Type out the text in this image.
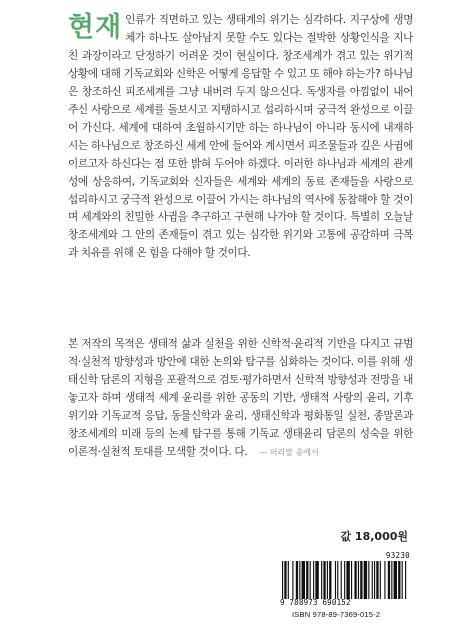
현재 인류가 직면하고 있는 생태계의 위기는 심각하다. 지구상에 생명체가 하나도 살아남지 못할 수도 있다는 절박한 상황인식을 지나친 과장이라고 단정하기 어려운 것이 현실이다. 창조세계가 겪고 있는 위기적 상황에 대해 기독교회와 신학은 어떻게 응답할 수 있고 또 해야 하는가? 하나님은 창조하신 피조세계를 그냥 내버려 두지 않으신다. 독생자를 아낌없이 내어주신 사랑으로 세계를 돌보시고 지탱하시고 섭리하시며 궁극적 완성으로 이끌어 가신다. 세계에 대하여 초월하시기만 하는 하나님이 아니라 동시에 내재하시는 하나님으로 창조하신 세계 안에 들어와 계시면서 피조물들과 깊은 사귐에 이르고자 하신다는 점 또한 밝혀 두어야 하겠다. 이러한 하나님과 세계의 관계성에 상응하여, 기독교회와 신자들은 세계와 세계의 동료 존재들을 사랑으로 섭리하시고 궁극적 완성으로 이끌어 가시는 하나님의 역사에 동참해야 할 것이며 세계와의 친밀한 사귐을 추구하고 구현해 나가야 할 것이다. 특별히 오늘날 창조세계와 그 안의 존재들이 겪고 있는 심각한 위기와 고통에 공감하며 극복과 치유를 위해 온 힘을 다해야 할 것이다.

본 저작의 목적은 생태적 삶과 실천을 위한 신학적·윤리적 기반을 다지고 규범적·실천적 방향성과 방안에 대한 논의와 탐구를 심화하는 것이다. 이를 위해 생태신학 담론의 지형을 포괄적으로 검토·평가하면서 신학적 방향성과 전망을 내놓고자 하며 생태적 세계 윤리를 위한 공동의 기반, 생태적 사랑의 윤리, 기후위기와 기독교적 응답, 동물신학과 윤리, 생태신학과 평화통일 실천, 종말론과 창조세계의 미래 등의 논제 탐구를 통해 기독교 생태윤리 담론의 성숙을 위한 이론적·실천적 토대를 모색할 것이다. 다. — 머리말 중에서

값 18,000원
93230
9 788973 690152
ISBN 978-89-7369-015-2
